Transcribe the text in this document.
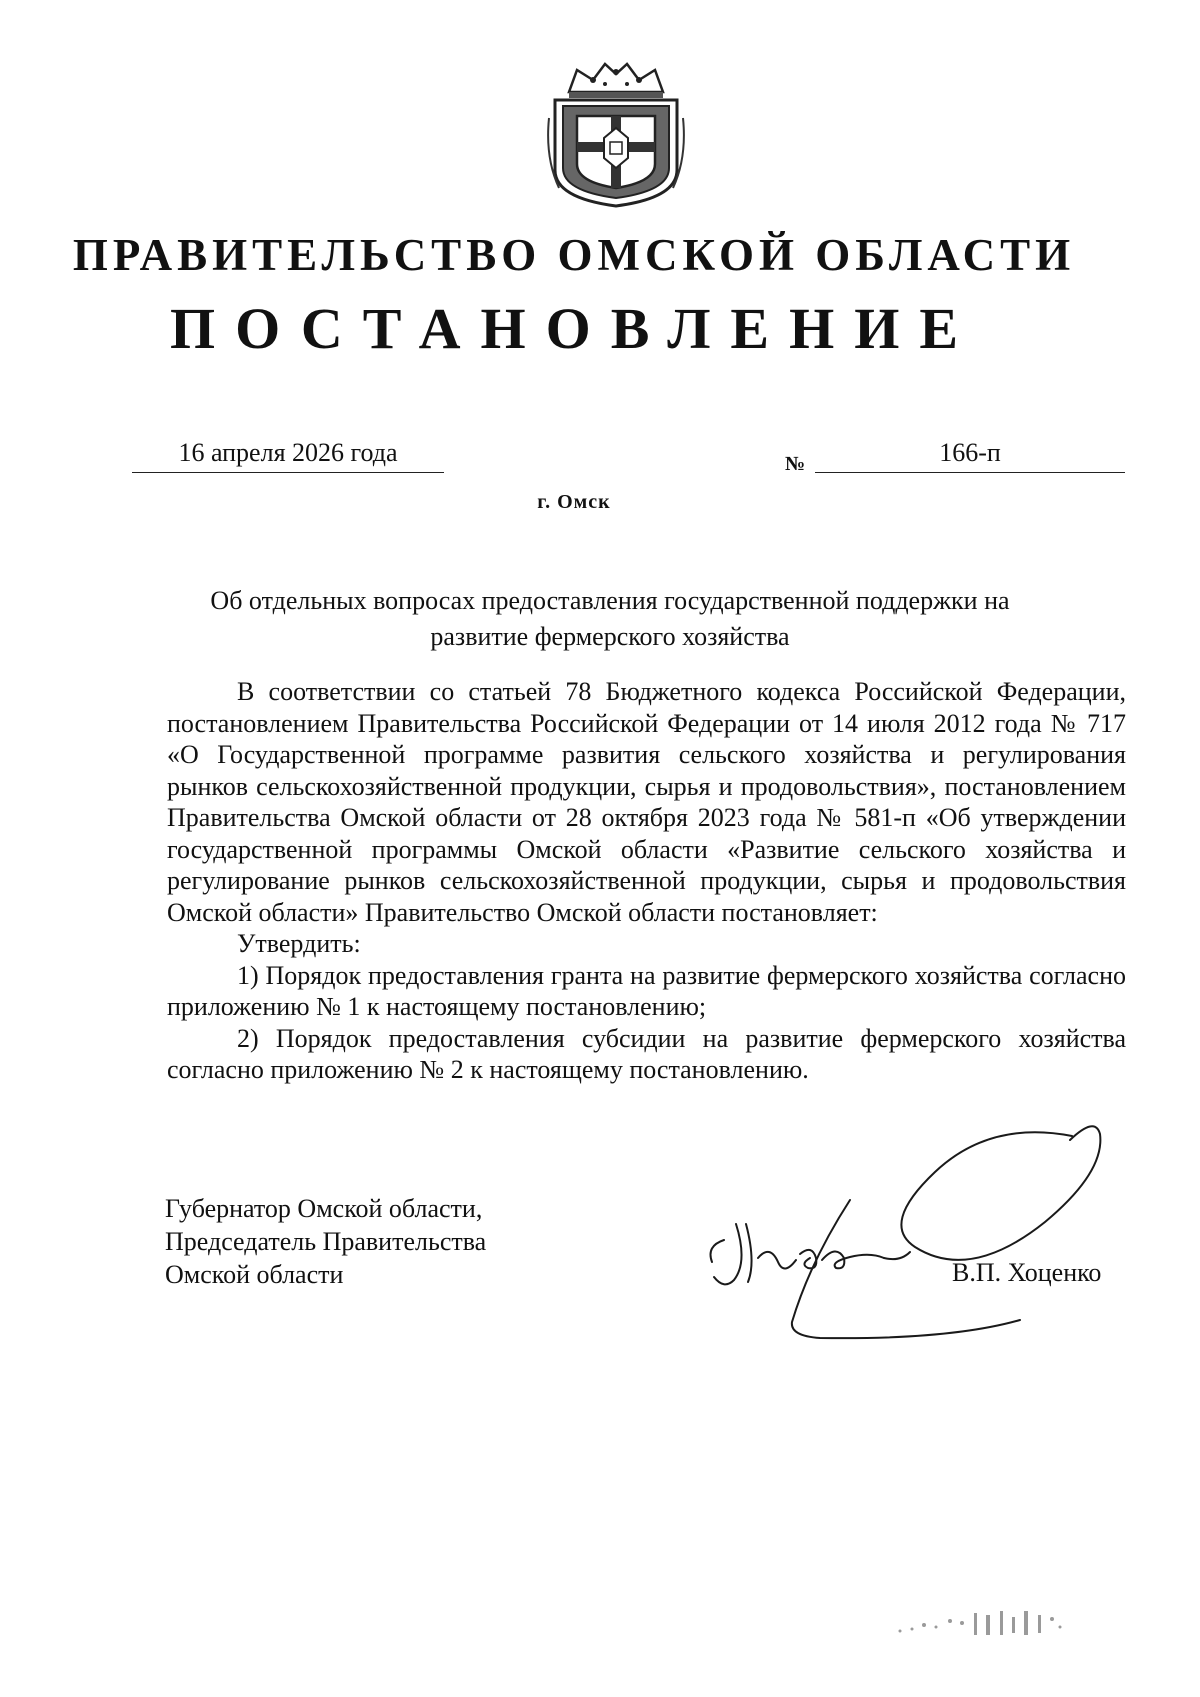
ПРАВИТЕЛЬСТВО ОМСКОЙ ОБЛАСТИ
ПОСТАНОВЛЕНИЕ
16 апреля 2026 года	№	166-п
г. Омск
Об отдельных вопросах предоставления государственной поддержки на развитие фермерского хозяйства

В соответствии со статьей 78 Бюджетного кодекса Российской Федерации, постановлением Правительства Российской Федерации от 14 июля 2012 года № 717 «О Государственной программе развития сельского хозяйства и регулирования рынков сельскохозяйственной продукции, сырья и продовольствия», постановлением Правительства Омской области от 28 октября 2023 года № 581-п «Об утверждении государственной программы Омской области «Развитие сельского хозяйства и регулирование рынков сельскохозяйственной продукции, сырья и продовольствия Омской области» Правительство Омской области постановляет:

Утвердить:

1) Порядок предоставления гранта на развитие фермерского хозяйства согласно приложению № 1 к настоящему постановлению;

2) Порядок предоставления субсидии на развитие фермерского хозяйства согласно приложению № 2 к настоящему постановлению.

Губернатор Омской области,
Председатель Правительства
Омской области	В.П. Хоценко
